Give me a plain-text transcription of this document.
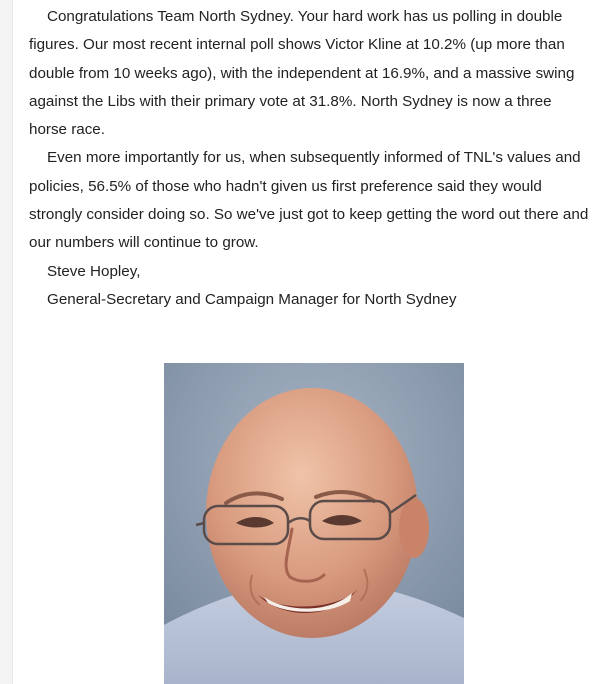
Congratulations Team North Sydney. Your hard work has us polling in double figures. Our most recent internal poll shows Victor Kline at 10.2% (up more than double from 10 weeks ago), with the independent at 16.9%, and a massive swing against the Libs with their primary vote at 31.8%. North Sydney is now a three horse race.

Even more importantly for us, when subsequently informed of TNL's values and policies, 56.5% of those who hadn't given us first preference said they would strongly consider doing so. So we've just got to keep getting the word out there and our numbers will continue to grow.

Steve Hopley,
General-Secretary and Campaign Manager for North Sydney
